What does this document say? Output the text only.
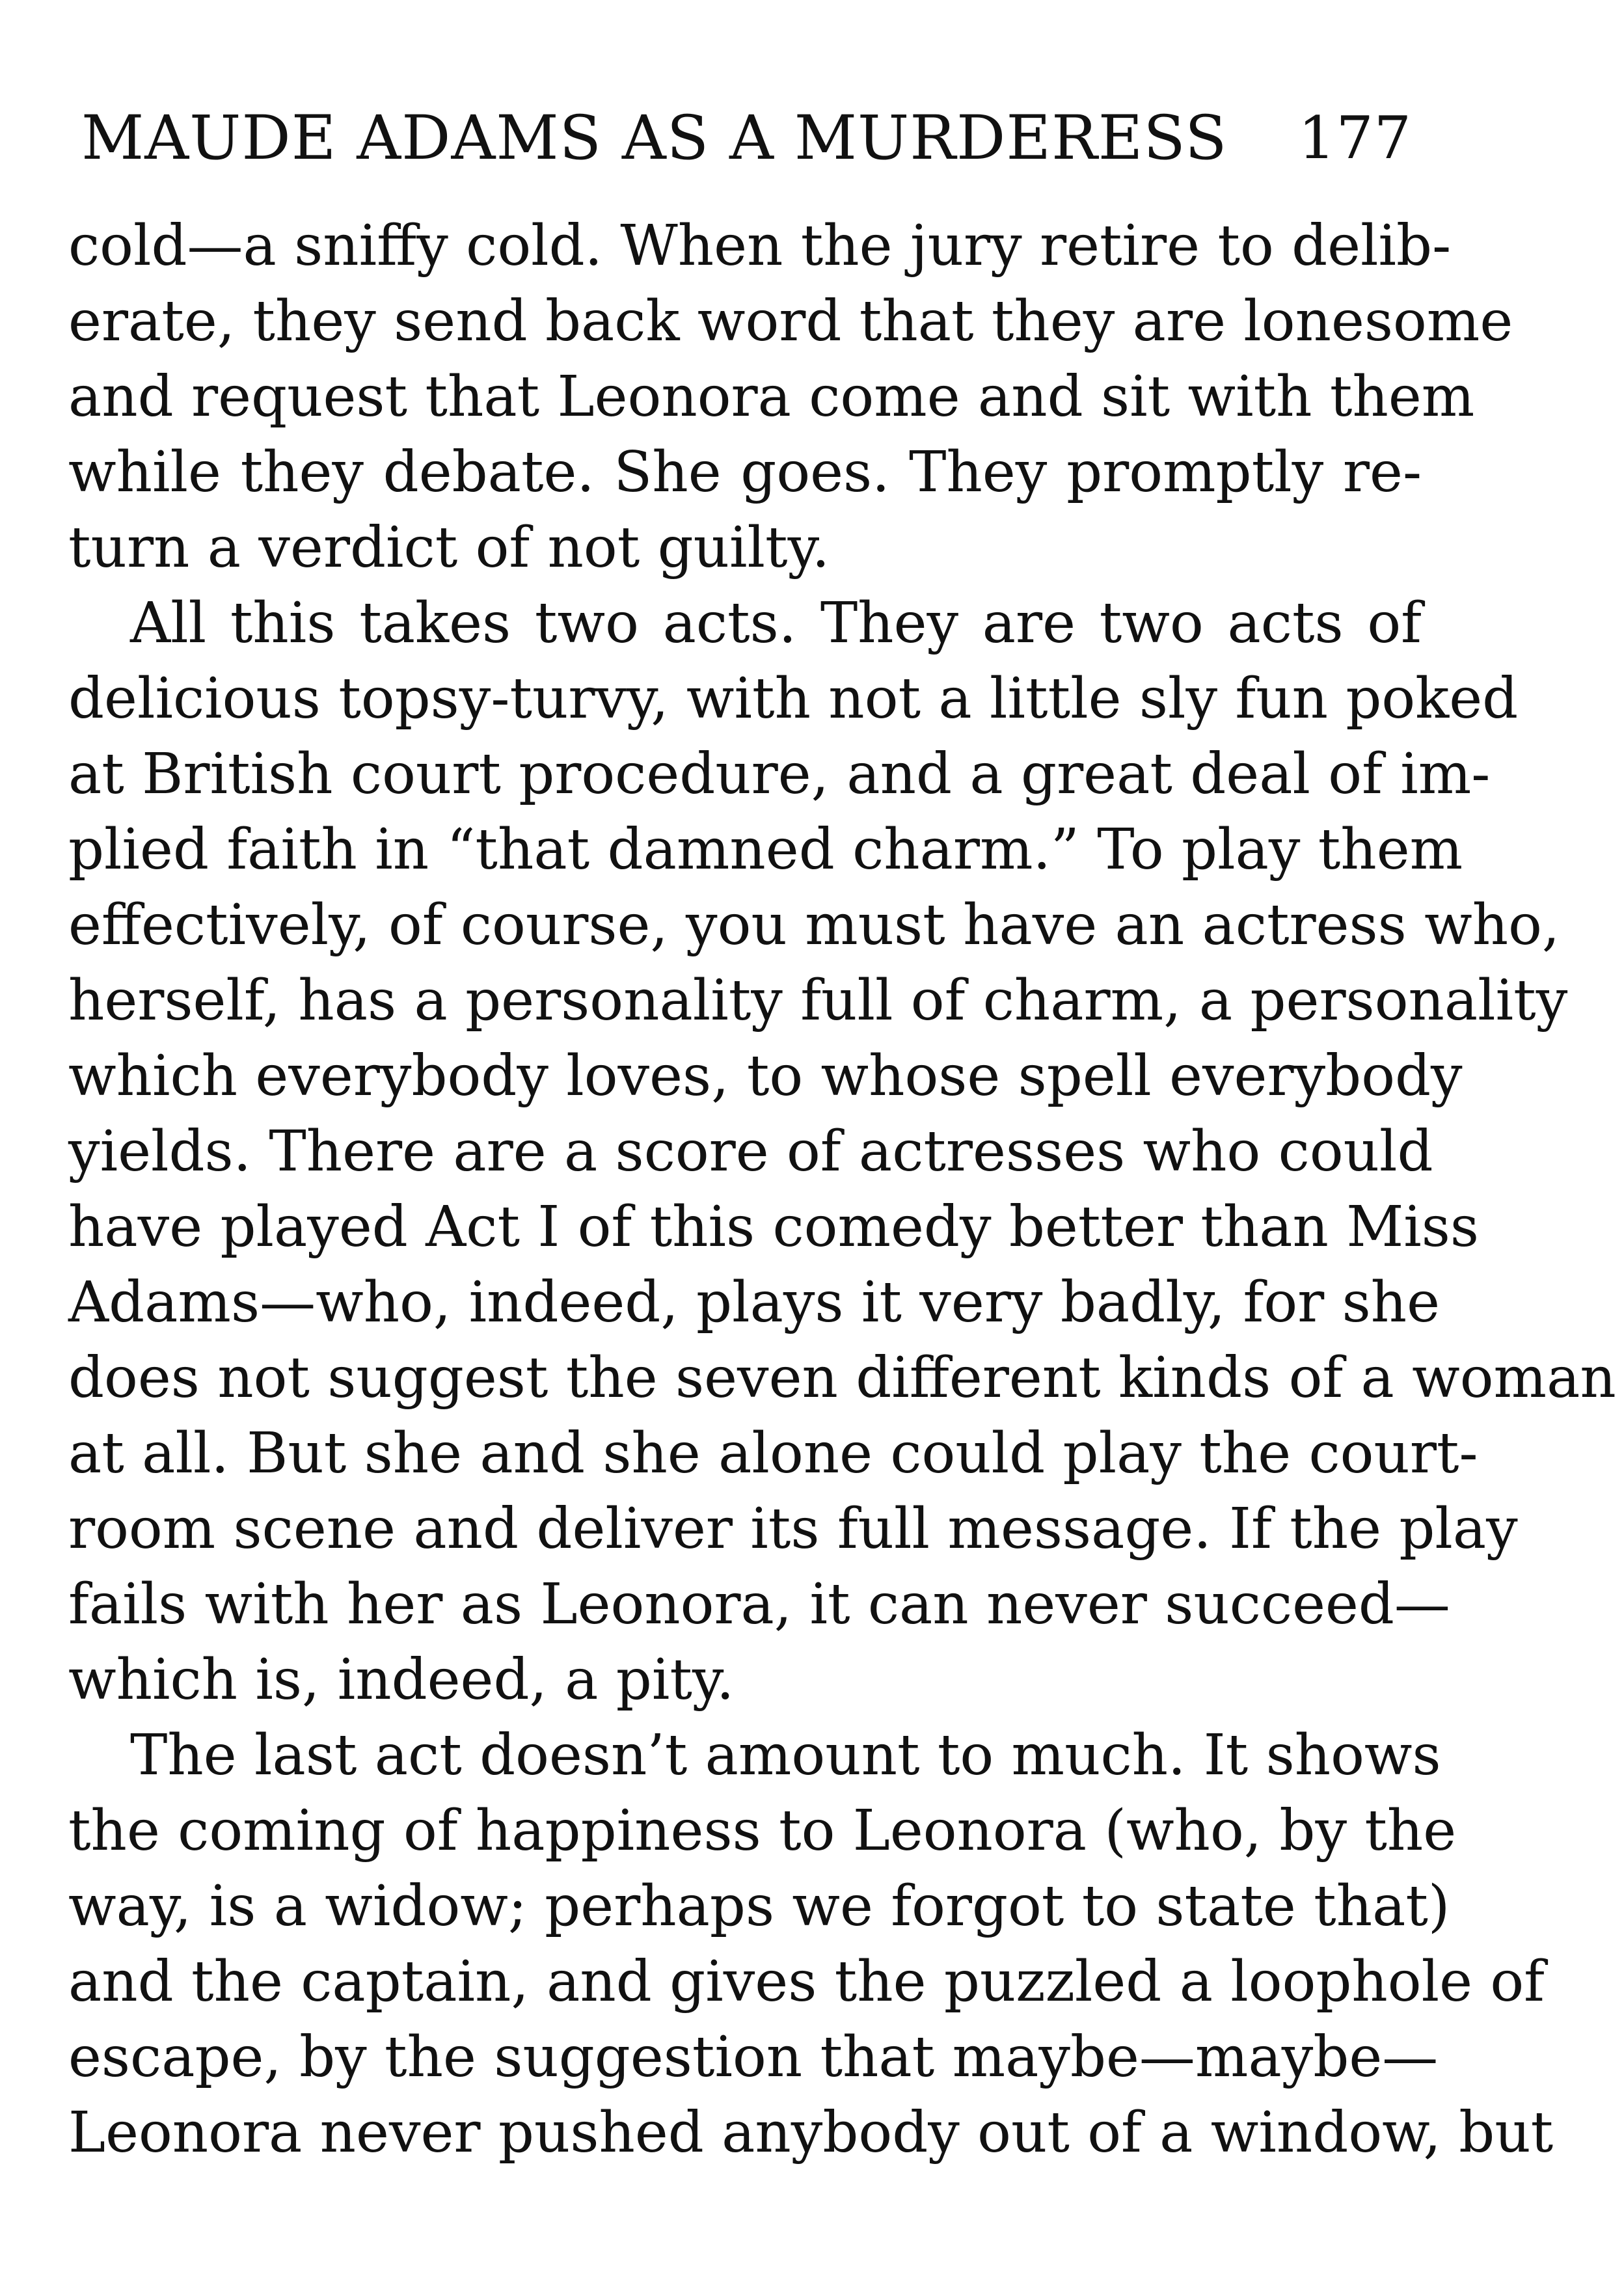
MAUDE ADAMS AS A MURDERESS 177
cold—a sniffy cold. When the jury retire to delib-
erate, they send back word that they are lonesome
and request that Leonora come and sit with them
while they debate. She goes. They promptly re-
turn a verdict of not guilty.
All this takes two acts. They are two acts of
delicious topsy-turvy, with not a little sly fun poked
at British court procedure, and a great deal of im-
plied faith in “that damned charm.” To play them
effectively, of course, you must have an actress who,
herself, has a personality full of charm, a personality
which everybody loves, to whose spell everybody
yields. There are a score of actresses who could
have played Act I of this comedy better than Miss
Adams—who, indeed, plays it very badly, for she
does not suggest the seven different kinds of a woman
at all. But she and she alone could play the court-
room scene and deliver its full message. If the play
fails with her as Leonora, it can never succeed—
which is, indeed, a pity.
The last act doesn’t amount to much. It shows
the coming of happiness to Leonora (who, by the
way, is a widow; perhaps we forgot to state that)
and the captain, and gives the puzzled a loophole of
escape, by the suggestion that maybe—maybe—
Leonora never pushed anybody out of a window, but
